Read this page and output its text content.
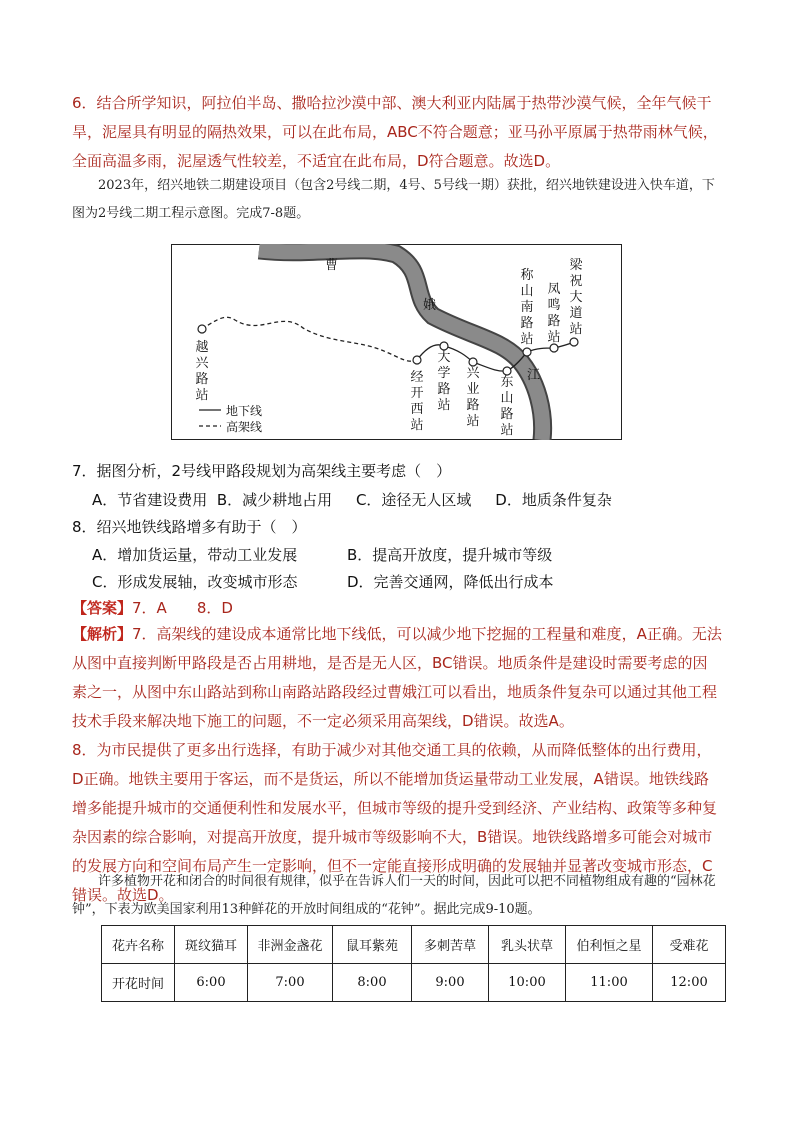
6．结合所学知识，阿拉伯半岛、撒哈拉沙漠中部、澳大利亚内陆属于热带沙漠气候，全年气候干旱，泥屋具有明显的隔热效果，可以在此布局，ABC不符合题意；亚马孙平原属于热带雨林气候，全面高温多雨，泥屋透气性较差，不适宜在此布局，D符合题意。故选D。
2023年，绍兴地铁二期建设项目（包含2号线二期，4号、5号线一期）获批，绍兴地铁建设进入快车道，下图为2号线二期工程示意图。完成7-8题。
曹
娥
江
越兴路站
经开西站
大学路站
兴业路站
东山路站
称山南路站
凤鸣路站
梁祝大道站
地下线
高架线
7．据图分析，2号线甲路段规划为高架线主要考虑（　）
A．节省建设费用 B．减少耕地占用 C．途径无人区域 D．地质条件复杂
8．绍兴地铁线路增多有助于（　）
A．增加货运量，带动工业发展	B．提高开放度，提升城市等级
C．形成发展轴，改变城市形态	D．完善交通网，降低出行成本
【答案】7．A　　8．D
【解析】7．高架线的建设成本通常比地下线低，可以减少地下挖掘的工程量和难度，A正确。无法从图中直接判断甲路段是否占用耕地，是否是无人区，BC错误。地质条件是建设时需要考虑的因素之一，从图中东山路站到称山南路站路段经过曹娥江可以看出，地质条件复杂可以通过其他工程技术手段来解决地下施工的问题，不一定必须采用高架线，D错误。故选A。
8．为市民提供了更多出行选择，有助于减少对其他交通工具的依赖，从而降低整体的出行费用，D正确。地铁主要用于客运，而不是货运，所以不能增加货运量带动工业发展，A错误。地铁线路增多能提升城市的交通便利性和发展水平，但城市等级的提升受到经济、产业结构、政策等多种复杂因素的综合影响，对提高开放度，提升城市等级影响不大，B错误。地铁线路增多可能会对城市的发展方向和空间布局产生一定影响，但不一定能直接形成明确的发展轴并显著改变城市形态，C错误。故选D。
许多植物开花和闭合的时间很有规律，似乎在告诉人们一天的时间，因此可以把不同植物组成有趣的“园林花钟”，下表为欧美国家利用13种鲜花的开放时间组成的“花钟”。据此完成9-10题。
花卉名称	斑纹猫耳	非洲金盏花	鼠耳紫苑	多刺苦草	乳头状草	伯利恒之星	受难花
开花时间	6:00	7:00	8:00	9:00	10:00	11:00	12:00
